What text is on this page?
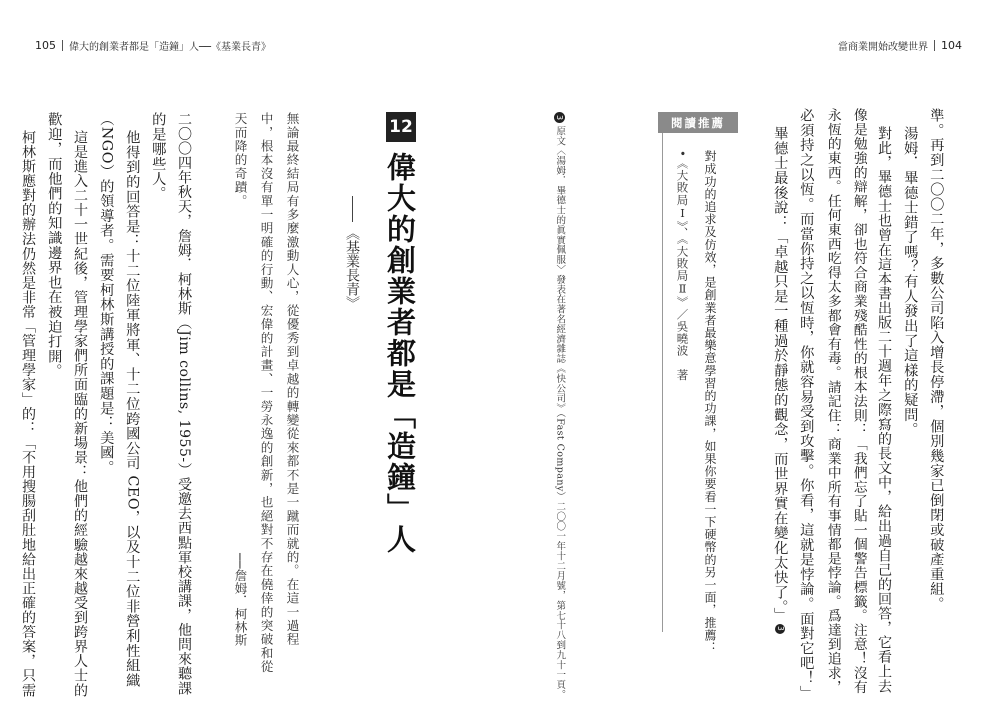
105 偉大的創業者都是「造鐘」人──《基業長青》	當商業開始改變世界 104
準。再到二〇〇二年，多數公司陷入增長停滯，個別幾家已倒閉或破產重組。
湯姆．畢德士錯了嗎？有人發出了這樣的疑問。
對此，畢德士也曾在這本書出版二十週年之際寫的長文中，給出過自己的回答，它看上去
像是勉強的辯解，卻也符合商業殘酷性的根本法則：「我們忘了貼一個警告標籤。注意！沒有
永恆的東西。任何東西吃得太多都會有毒。請記住：商業中所有事情都是悖論。爲達到追求，
必須持之以恆。而當你持之以恆時，你就容易受到攻擊。你看，這就是悖論。面對它吧！」
畢德士最後說：「卓越只是一種過於靜態的觀念，而世界實在變化太快了。」
3
閱讀推薦
對成功的追求及仿效，是創業者最樂意學習的功課，如果你要看一下硬幣的另一面，推薦：
•《大敗局Ⅰ》、《大敗局Ⅱ》／吳曉波　著
3
原文〈湯姆．畢德士的眞實佩服〉發表在著名經濟雜誌《快公司》（Fast Company）二〇〇一年十二月號，第七十八到九十一頁。
12
偉大的創業者都是「造鐘」人
《基業長青》
無論最終結局有多麼激動人心，從優秀到卓越的轉變從來都不是一蹴而就的。在這一過程
中，根本沒有單一明確的行動、宏偉的計畫、一勞永逸的創新，也絕對不存在僥倖的突破和從
天而降的奇蹟。
──詹姆．柯林斯
二〇〇四年秋天，詹姆．柯林斯（Jim collins, 1955-）受邀去西點軍校講課，他問來聽課
的是哪些人。
他得到的回答是：十二位陸軍將軍、十二位跨國公司 CEO，以及十二位非營利性組織
（NGO）的領導者。需要柯林斯講授的課題是：美國。
這是進入二十一世紀後，管理學家們所面臨的新場景：他們的經驗越來越受到跨界人士的
歡迎，而他們的知識邊界也在被迫打開。
柯林斯應對的辦法仍然是非常「管理學家」的：「不用搜腸刮肚地給出正確的答案，只需
